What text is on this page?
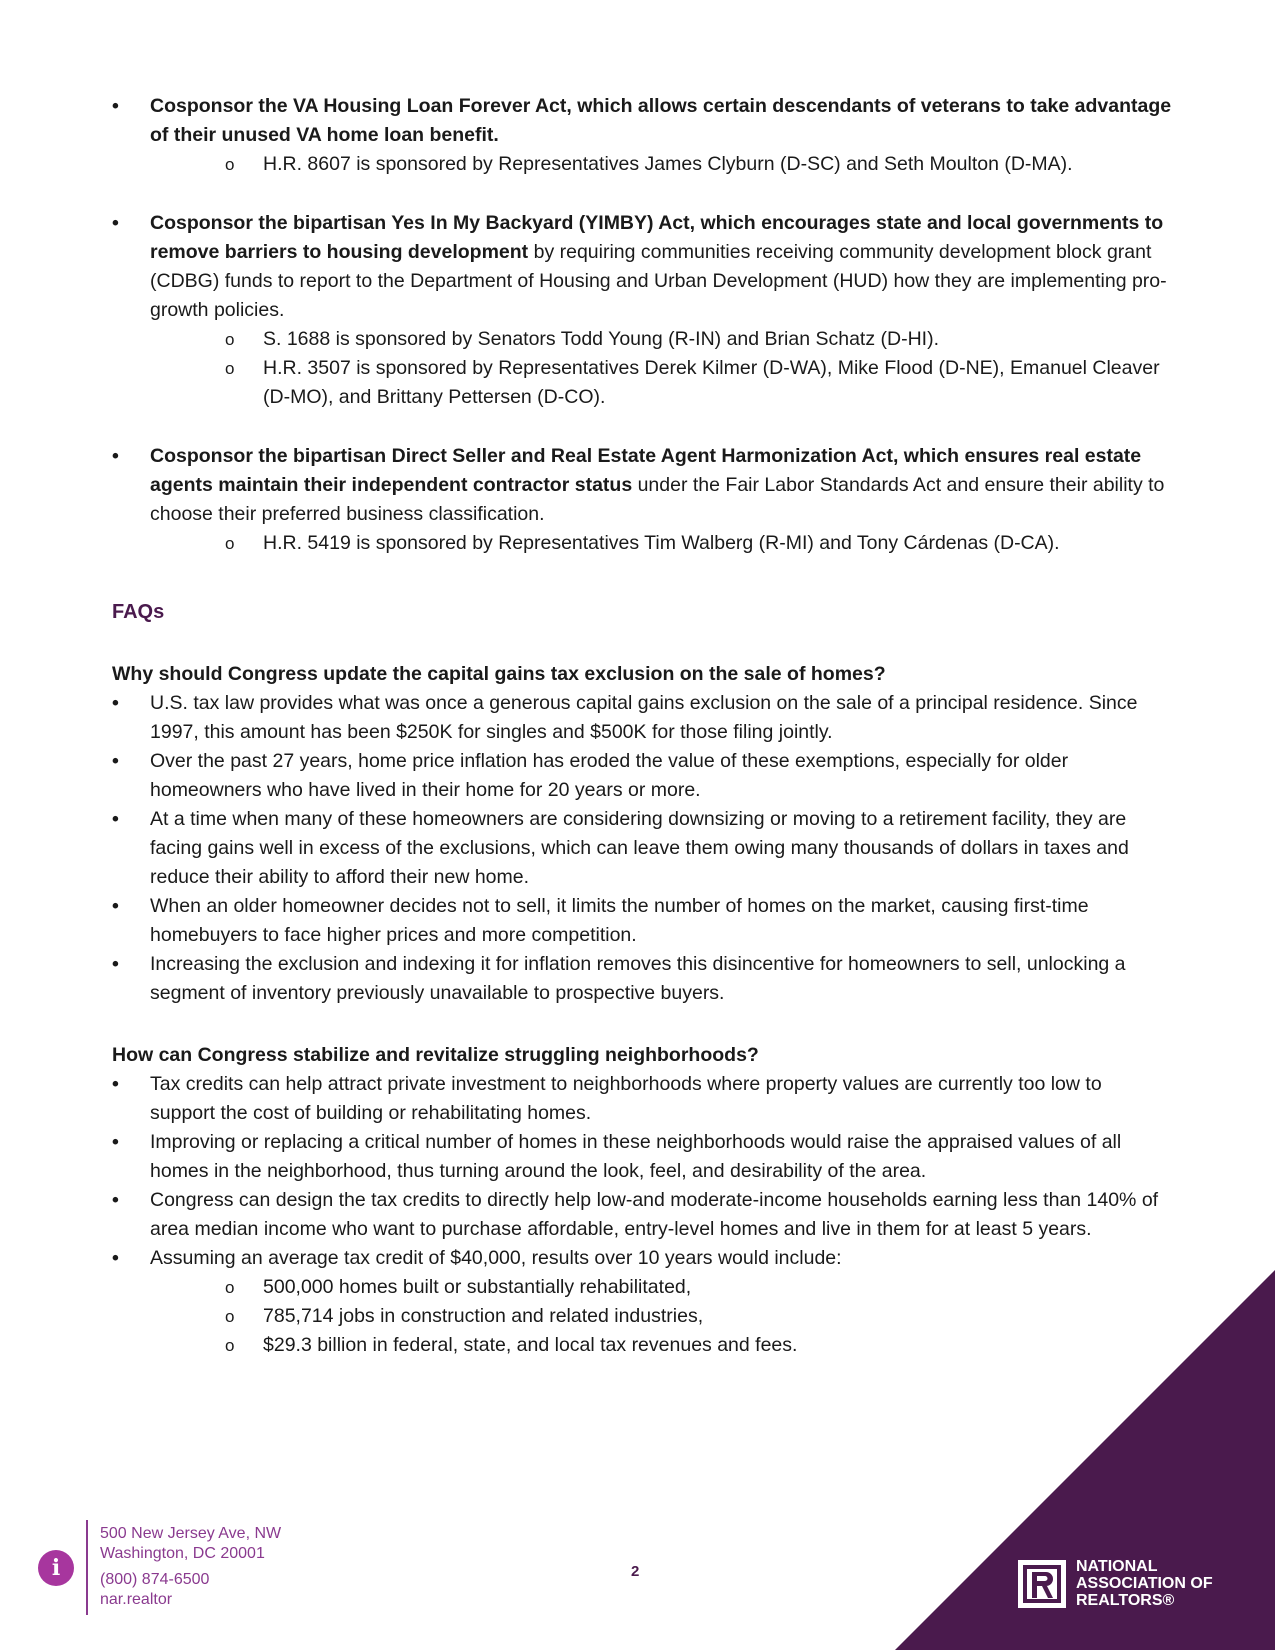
• Cosponsor the VA Housing Loan Forever Act, which allows certain descendants of veterans to take advantage of their unused VA home loan benefit.
o H.R. 8607 is sponsored by Representatives James Clyburn (D-SC) and Seth Moulton (D-MA).
• Cosponsor the bipartisan Yes In My Backyard (YIMBY) Act, which encourages state and local governments to remove barriers to housing development by requiring communities receiving community development block grant (CDBG) funds to report to the Department of Housing and Urban Development (HUD) how they are implementing pro-growth policies.
o S. 1688 is sponsored by Senators Todd Young (R-IN) and Brian Schatz (D-HI).
o H.R. 3507 is sponsored by Representatives Derek Kilmer (D-WA), Mike Flood (D-NE), Emanuel Cleaver (D-MO), and Brittany Pettersen (D-CO).
• Cosponsor the bipartisan Direct Seller and Real Estate Agent Harmonization Act, which ensures real estate agents maintain their independent contractor status under the Fair Labor Standards Act and ensure their ability to choose their preferred business classification.
o H.R. 5419 is sponsored by Representatives Tim Walberg (R-MI) and Tony Cárdenas (D-CA).
FAQs

Why should Congress update the capital gains tax exclusion on the sale of homes?

• U.S. tax law provides what was once a generous capital gains exclusion on the sale of a principal residence. Since 1997, this amount has been $250K for singles and $500K for those filing jointly.
• Over the past 27 years, home price inflation has eroded the value of these exemptions, especially for older homeowners who have lived in their home for 20 years or more.
• At a time when many of these homeowners are considering downsizing or moving to a retirement facility, they are facing gains well in excess of the exclusions, which can leave them owing many thousands of dollars in taxes and reduce their ability to afford their new home.
• When an older homeowner decides not to sell, it limits the number of homes on the market, causing first-time homebuyers to face higher prices and more competition.
• Increasing the exclusion and indexing it for inflation removes this disincentive for homeowners to sell, unlocking a segment of inventory previously unavailable to prospective buyers.

How can Congress stabilize and revitalize struggling neighborhoods?

• Tax credits can help attract private investment to neighborhoods where property values are currently too low to support the cost of building or rehabilitating homes.
• Improving or replacing a critical number of homes in these neighborhoods would raise the appraised values of all homes in the neighborhood, thus turning around the look, feel, and desirability of the area.
• Congress can design the tax credits to directly help low-and moderate-income households earning less than 140% of area median income who want to purchase affordable, entry-level homes and live in them for at least 5 years.
• Assuming an average tax credit of $40,000, results over 10 years would include:
o 500,000 homes built or substantially rehabilitated,
o 785,714 jobs in construction and related industries,
o $29.3 billion in federal, state, and local tax revenues and fees.
i
500 New Jersey Ave, NW
Washington, DC 20001
(800) 874-6500
nar.realtor
2	NATIONAL
ASSOCIATION OF
REALTORS®
